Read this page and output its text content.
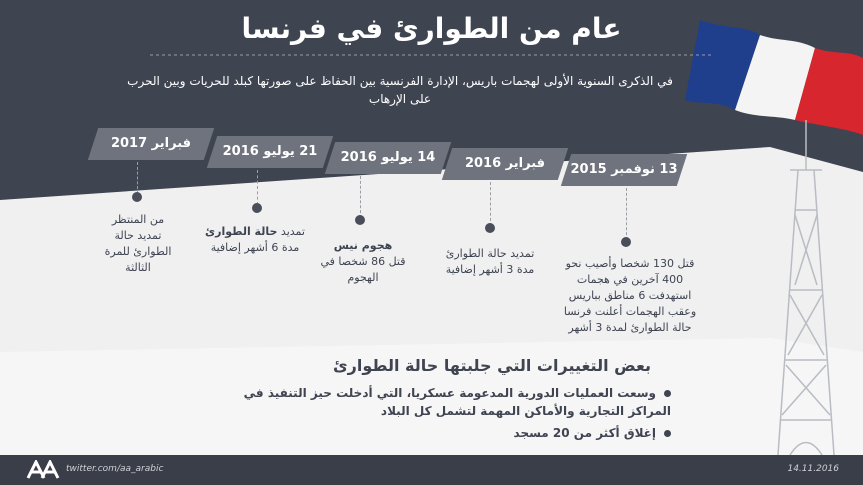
عام من الطوارئ في فرنسا
في الذكرى السنوية الأولى لهجمات باريس، الإدارة الفرنسية بين الحفاظ على صورتها كبلد للحريات وبين الحرب على الإرهاب
13 نوفمبر 2015
قتل 130 شخصا وأصيب نحو 400 آخرين في هجمات استهدفت 6 مناطق بباريس وعقب الهجمات أعلنت فرنسا حالة الطوارئ لمدة 3 أشهر
فبراير 2016
تمديد حالة الطوارئ مدة 3 أشهر إضافية
14 يوليو 2016
هجوم نيس
قتل 86 شخصا في الهجوم
21 يوليو 2016
تمديد حالة الطوارئ مدة 6 أشهر إضافية
فبراير 2017
من المنتظر تمديد حالة الطوارئ للمرة الثالثة
بعض التغييرات التي جلبتها حالة الطوارئ
وسعت العمليات الدورية المدعومة عسكريا، التي أدخلت حيز التنفيذ في المراكز التجارية والأماكن المهمة لتشمل كل البلاد
إغلاق أكثر من 20 مسجد
twitter.com/aa_arabic	14.11.2016
